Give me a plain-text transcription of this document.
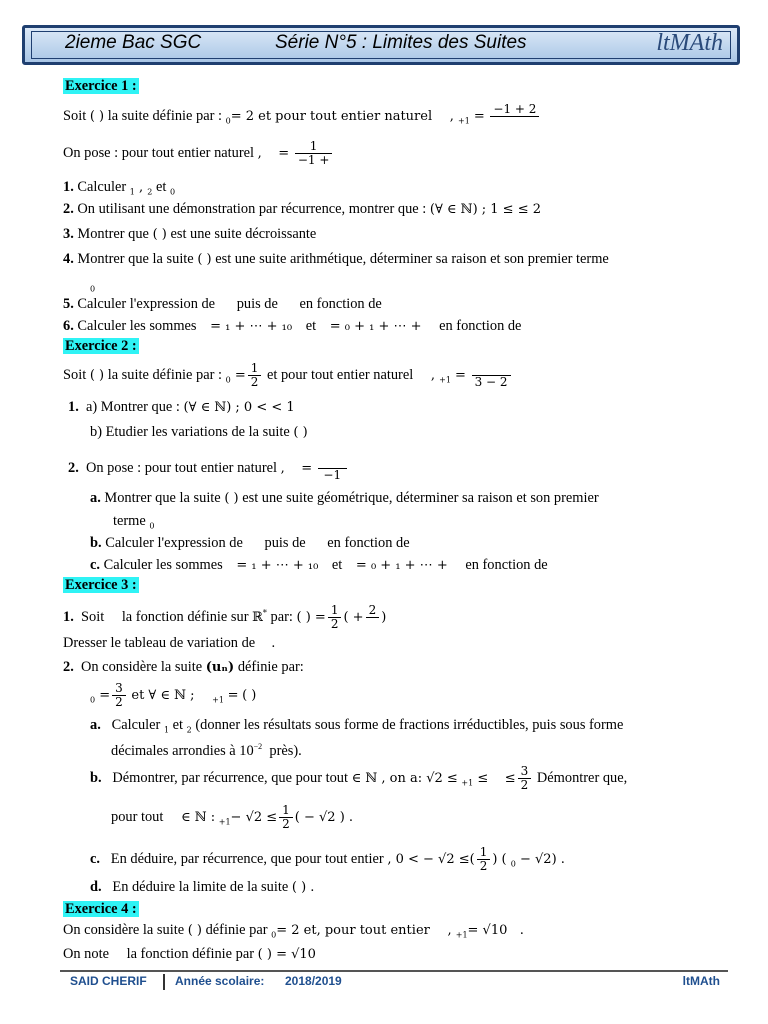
2ieme Bac SGC	Série N°5 : Limites des Suites	ltMAth
Exercice 1 :
Soit ( ) la suite définie par : $_0$= 2 et pour tout entier naturel , $_{+1}$ = −1 + 2

On pose : pour tout entier naturel ,    = $\frac{1}{-1 +}$
1. Calculer $_1$ , $_2$ et $_0$
2. On utilisant une démonstration par récurrence, montrer que : (∀ ∈ ℕ) ; 1 ≤ ≤ 2
3. Montrer que ( ) est une suite décroissante
4. Montrer que la suite ( ) est une suite arithmétique, déterminer sa raison et son premier terme
$_0$
5. Calculer l'expression de puis de en fonction de
6. Calculer les sommes = ₁ + ⋯ + ₁₀ et = ₀ + ₁ + ⋯ + en fonction de
Exercice 2 :
Soit ( ) la suite définie par : $_0 = \frac{1}{2}$ et pour tout entier naturel , $_{+1}$ =
3 − 2
1. a) Montrer que : (∀ ∈ ℕ) ; 0 < < 1
b) Etudier les variations de la suite ( )
2. On pose : pour tout entier naturel ,    =
−1
a. Montrer que la suite ( ) est une suite géométrique, déterminer sa raison et son premier
terme $_0$
b. Calculer l'expression de puis de en fonction de
c. Calculer les sommes = ₁ + ⋯ + ₁₀ et = ₀ + ₁ + ⋯ + en fonction de
Exercice 3 :
1. Soit la fonction définie sur ℝ* par: ( ) = $\frac{1}{2}$ ( + 2
)
Dresser le tableau de variation de    .
2. On considère la suite (uₙ) définie par:
$_0 = \frac{3}{2}$ et ∀ ∈ ℕ ; $_{+1}$ = ( )
a. Calculer $_1$ et $_2$ (donner les résultats sous forme de fractions irréductibles, puis sous forme
décimales arrondies à $10^{-2}$ près).
b. Démontrer, par récurrence, que pour tout ∈ ℕ , on a: √2 ≤ $_{+1}$ ≤    ≤ $\frac{3}{2}$ Démontrer que,
pour tout ∈ ℕ : $_{+1}- √2 \le \frac{1}{2}$ ( − √2 ) .
c. En déduire, par récurrence, que pour tout entier , 0 < − √2 ≤( $\frac{1}{2}$ ) ( $_0$ − √2) .
d. En déduire la limite de la suite ( ) .
Exercice 4 :
On considère la suite ( ) définie par $_0$= 2 et, pour tout entier , $_{+1}$= √10   .
On note la fonction définie par ( ) = √10
SAID CHERIF Année scolaire: 2018/2019	ltMAth
